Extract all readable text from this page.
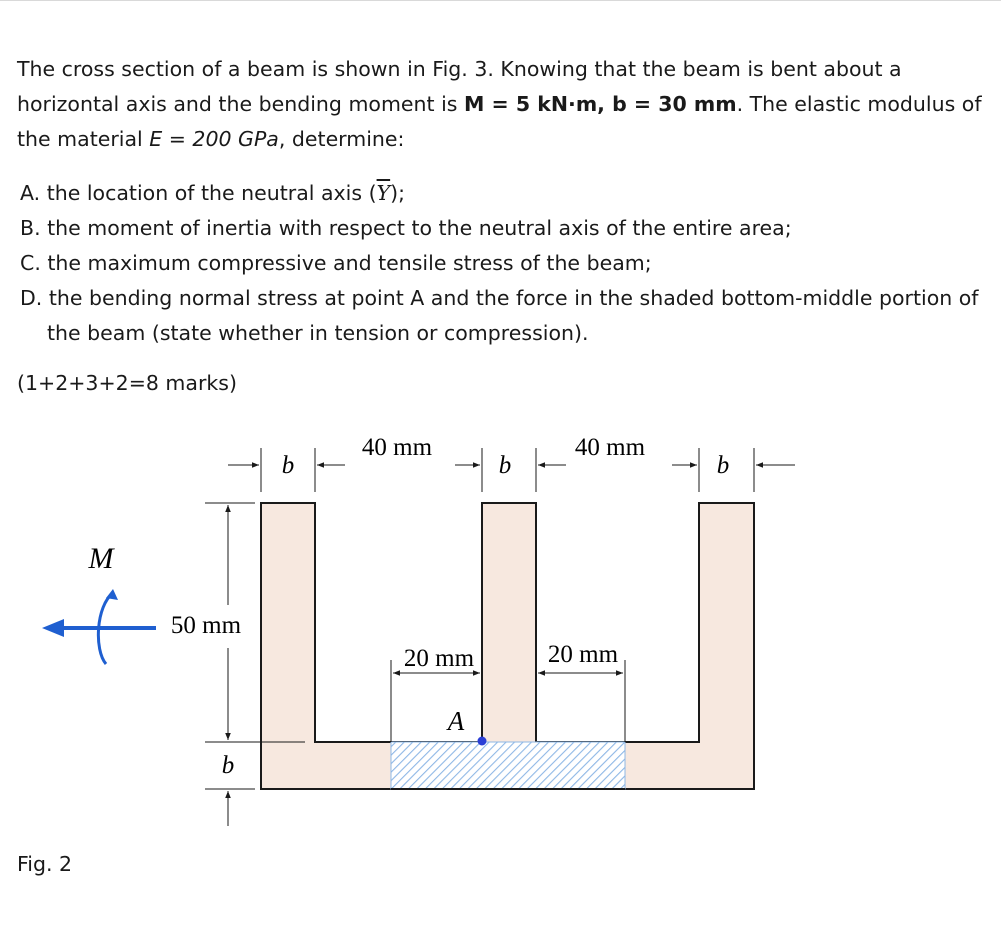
The cross section of a beam is shown in Fig. 3. Knowing that the beam is bent about a horizontal axis and the bending moment is M = 5 kN·m, b = 30 mm. The elastic modulus of the material E = 200 GPa, determine:

A. the location of the neutral axis $(\overline{Y})$;
B. the moment of inertia with respect to the neutral axis of the entire area;
C. the maximum compressive and tensile stress of the beam;
D. the bending normal stress at point A and the force in the shaded bottom-middle portion of the beam (state whether in tension or compression).

(1+2+3+2=8 marks)

Fig. 2

40 mm	40 mm
b	b	b
50 mm
b
20 mm	20 mm
A
M
